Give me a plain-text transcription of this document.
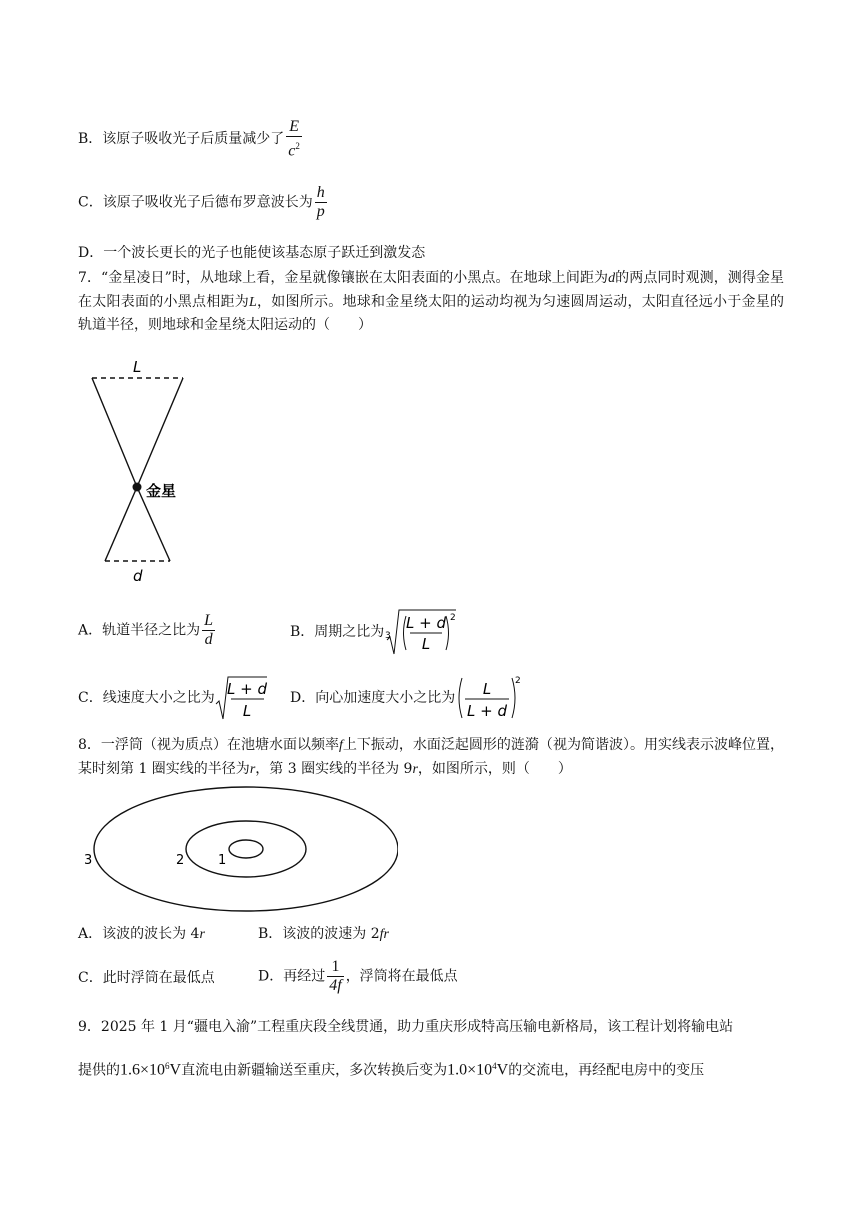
B．该原子吸收光子后质量减少了 $\frac{E}{c^2}$
C．该原子吸收光子后德布罗意波长为 $\frac{h}{p}$
D．一个波长更长的光子也能使该基态原子跃迁到激发态
7．“金星凌日”时，从地球上看，金星就像镶嵌在太阳表面的小黑点。在地球上间距为d的两点同时观测，测得金星在太阳表面的小黑点相距为L，如图所示。地球和金星绕太阳的运动均视为匀速圆周运动，太阳直径远小于金星的轨道半径，则地球和金星绕太阳运动的（　　）
L
d
金星
A．轨道半径之比为 $\frac{L}{d}$	B．周期之比为 3
L + d
L
2
C．线速度大小之比为 L + d
L
D．向心加速度大小之比为 L
L + d
2
8．一浮筒（视为质点）在池塘水面以频率f上下振动，水面泛起圆形的涟漪（视为简谐波）。用实线表示波峰位置，某时刻第 1 圈实线的半径为r，第 3 圈实线的半径为 9r，如图所示，则（　　）
1
2
3
A．该波的波长为 4r	B．该波的波速为 2fr
C．此时浮筒在最低点	D．再经过 $\frac{1}{4f}$ ，浮筒将在最低点
9．2025 年 1 月“疆电入渝”工程重庆段全线贯通，助力重庆形成特高压输电新格局，该工程计划将输电站
提供的$1.6\times 10^6V$直流电由新疆输送至重庆，多次转换后变为$1.0\times 10^4V$的交流电，再经配电房中的变压
